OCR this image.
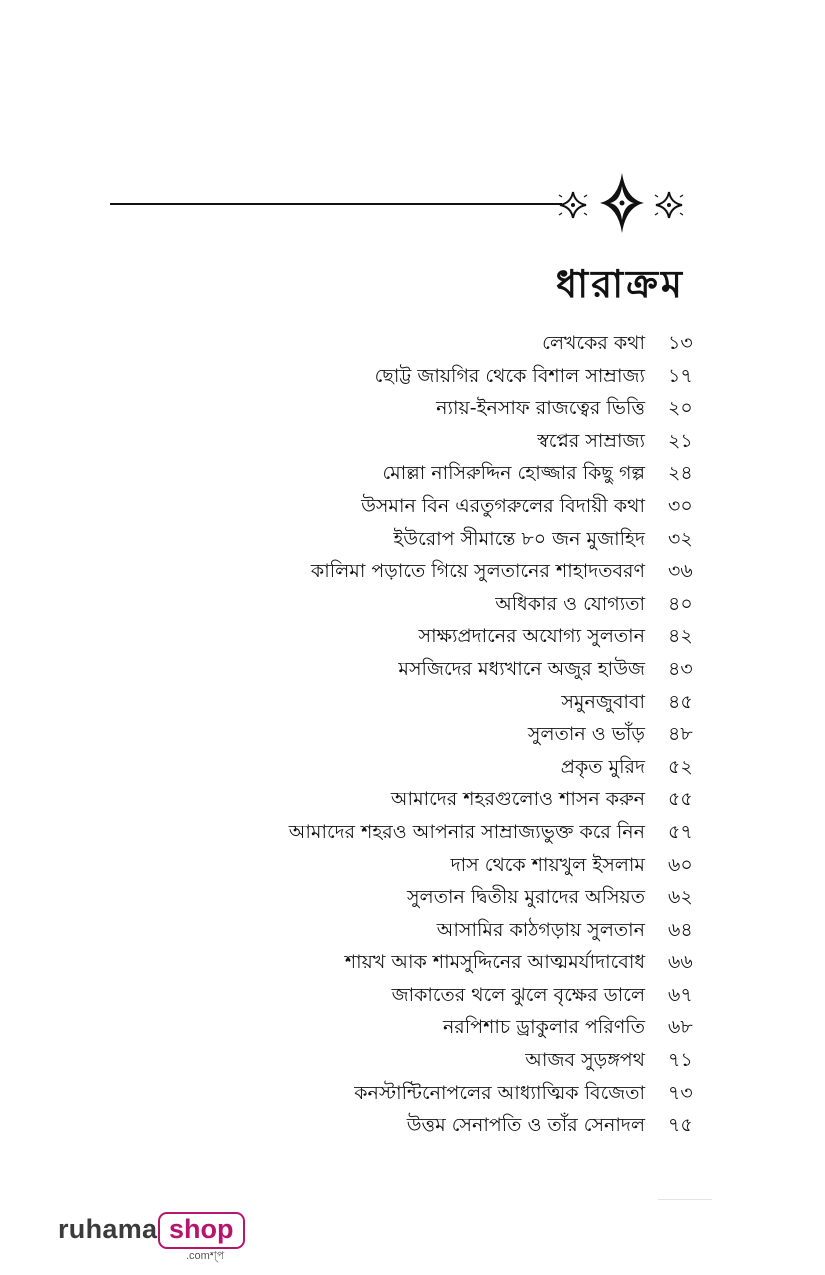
ধারাক্রম
লেখকের কথা ১৩
ছোট্ট জায়গির থেকে বিশাল সাম্রাজ্য ১৭
ন্যায়-ইনসাফ রাজত্বের ভিত্তি ২০
স্বপ্নের সাম্রাজ্য ২১
মোল্লা নাসিরুদ্দিন হোজ্জার কিছু গল্প ২৪
উসমান বিন এরতুগরুলের বিদায়ী কথা ৩০
ইউরোপ সীমান্তে ৮০ জন মুজাহিদ ৩২
কালিমা পড়াতে গিয়ে সুলতানের শাহাদতবরণ ৩৬
অধিকার ও যোগ্যতা ৪০
সাক্ষ্যপ্রদানের অযোগ্য সুলতান ৪২
মসজিদের মধ্যখানে অজুর হাউজ ৪৩
সমুনজুবাবা ৪৫
সুলতান ও ভাঁড় ৪৮
প্রকৃত মুরিদ ৫২
আমাদের শহরগুলোও শাসন করুন ৫৫
আমাদের শহরও আপনার সাম্রাজ্যভুক্ত করে নিন ৫৭
দাস থেকে শায়খুল ইসলাম ৬০
সুলতান দ্বিতীয় মুরাদের অসিয়ত ৬২
আসামির কাঠগড়ায় সুলতান ৬৪
শায়খ আক শামসুদ্দিনের আত্মমর্যাদাবোধ ৬৬
জাকাতের থলে ঝুলে বৃক্ষের ডালে ৬৭
নরপিশাচ ড্রাকুলার পরিণতি ৬৮
আজব সুড়ঙ্গপথ ৭১
কনস্টান্টিনোপলের আধ্যাত্মিক বিজেতা ৭৩
উত্তম সেনাপতি ও তাঁর সেনাদল ৭৫
ruhama shop
.comশ্প
